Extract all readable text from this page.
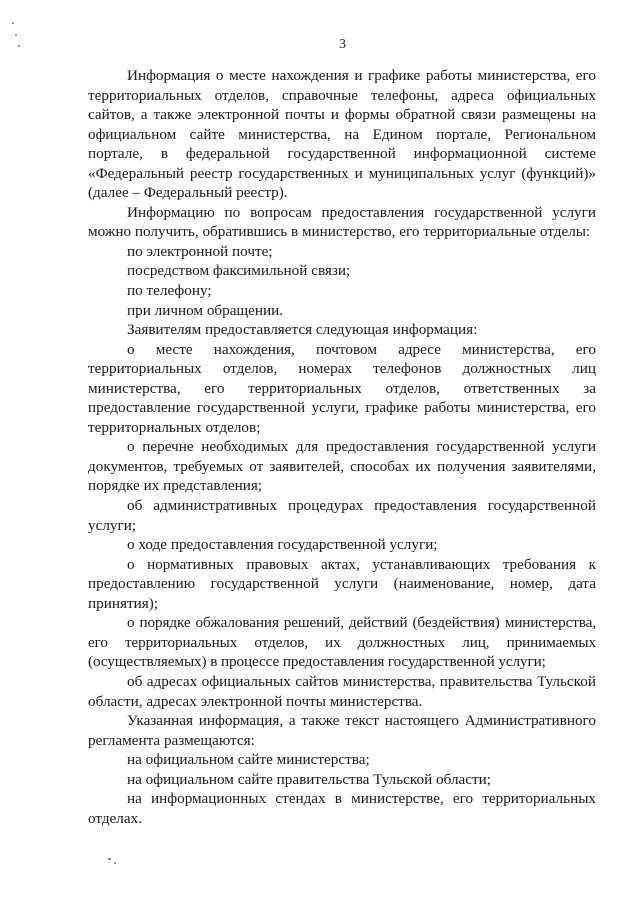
3

Информация о месте нахождения и графике работы министерства, его территориальных отделов, справочные телефоны, адреса официальных сайтов, а также электронной почты и формы обратной связи размещены на официальном сайте министерства, на Едином портале, Региональном портале, в федеральной государственной информационной системе «Федеральный реестр государственных и муниципальных услуг (функций)» (далее – Федеральный реестр).

Информацию по вопросам предоставления государственной услуги можно получить, обратившись в министерство, его территориальные отделы:

по электронной почте;

посредством факсимильной связи;

по телефону;

при личном обращении.

Заявителям предоставляется следующая информация:

о месте нахождения, почтовом адресе министерства, его территориальных отделов, номерах телефонов должностных лиц министерства, его территориальных отделов, ответственных за предоставление государственной услуги, графике работы министерства, его территориальных отделов;

о перечне необходимых для предоставления государственной услуги документов, требуемых от заявителей, способах их получения заявителями, порядке их представления;

об административных процедурах предоставления государственной услуги;

о ходе предоставления государственной услуги;

о нормативных правовых актах, устанавливающих требования к предоставлению государственной услуги (наименование, номер, дата принятия);

о порядке обжалования решений, действий (бездействия) министерства, его территориальных отделов, их должностных лиц, принимаемых (осуществляемых) в процессе предоставления государственной услуги;

об адресах официальных сайтов министерства, правительства Тульской области, адресах электронной почты министерства.

Указанная информация, а также текст настоящего Административного регламента размещаются:

на официальном сайте министерства;

на официальном сайте правительства Тульской области;

на информационных стендах в министерстве, его территориальных отделах.
